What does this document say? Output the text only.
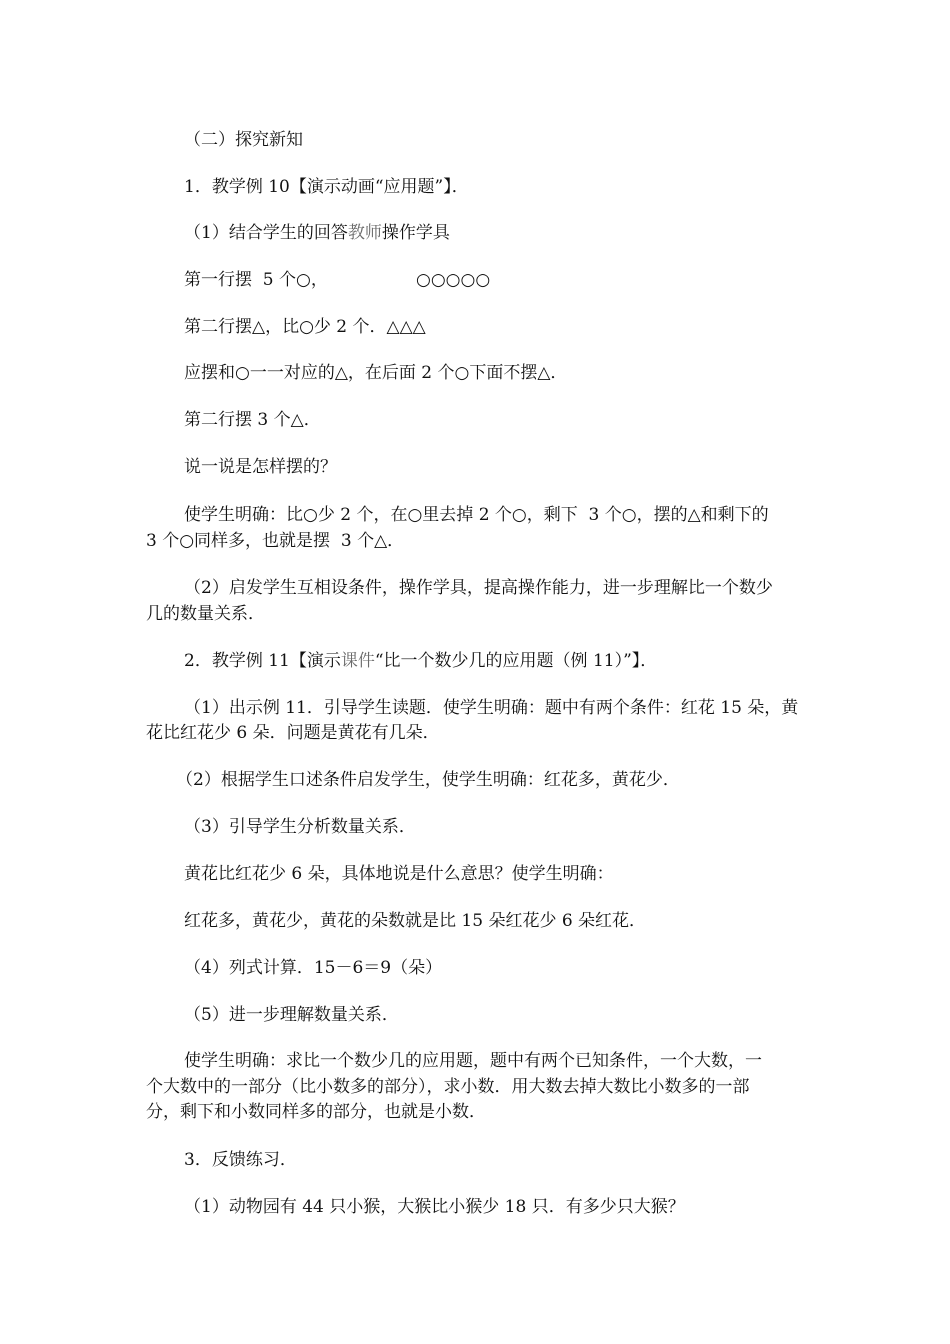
（二）探究新知
1．教学例 10【演示动画“应用题”】．
（1）结合学生的回答教师操作学具
第一行摆  5 个○，	○○○○○
第二行摆△，比○少 2 个．△△△
应摆和○一一对应的△，在后面 2 个○下面不摆△．
第二行摆 3 个△．
说一说是怎样摆的？
使学生明确：比○少 2 个，在○里去掉 2 个○，剩下  3 个○，摆的△和剩下的
3 个○同样多，也就是摆  3 个△．
（2）启发学生互相设条件，操作学具，提高操作能力，进一步理解比一个数少
几的数量关系．
2．教学例 11【演示课件“比一个数少几的应用题（例 11）”】．
（1）出示例 11．引导学生读题．使学生明确：题中有两个条件：红花 15 朵，黄
花比红花少 6 朵．问题是黄花有几朵．
（2）根据学生口述条件启发学生，使学生明确：红花多，黄花少．
（3）引导学生分析数量关系．
黄花比红花少 6 朵，具体地说是什么意思？使学生明确：
红花多，黄花少，黄花的朵数就是比 15 朵红花少 6 朵红花．
（4）列式计算．15－6＝9（朵）
（5）进一步理解数量关系．
使学生明确：求比一个数少几的应用题，题中有两个已知条件，一个大数，一
个大数中的一部分（比小数多的部分），求小数．用大数去掉大数比小数多的一部
分，剩下和小数同样多的部分，也就是小数．
3．反馈练习．
（1）动物园有 44 只小猴，大猴比小猴少 18 只．有多少只大猴？
